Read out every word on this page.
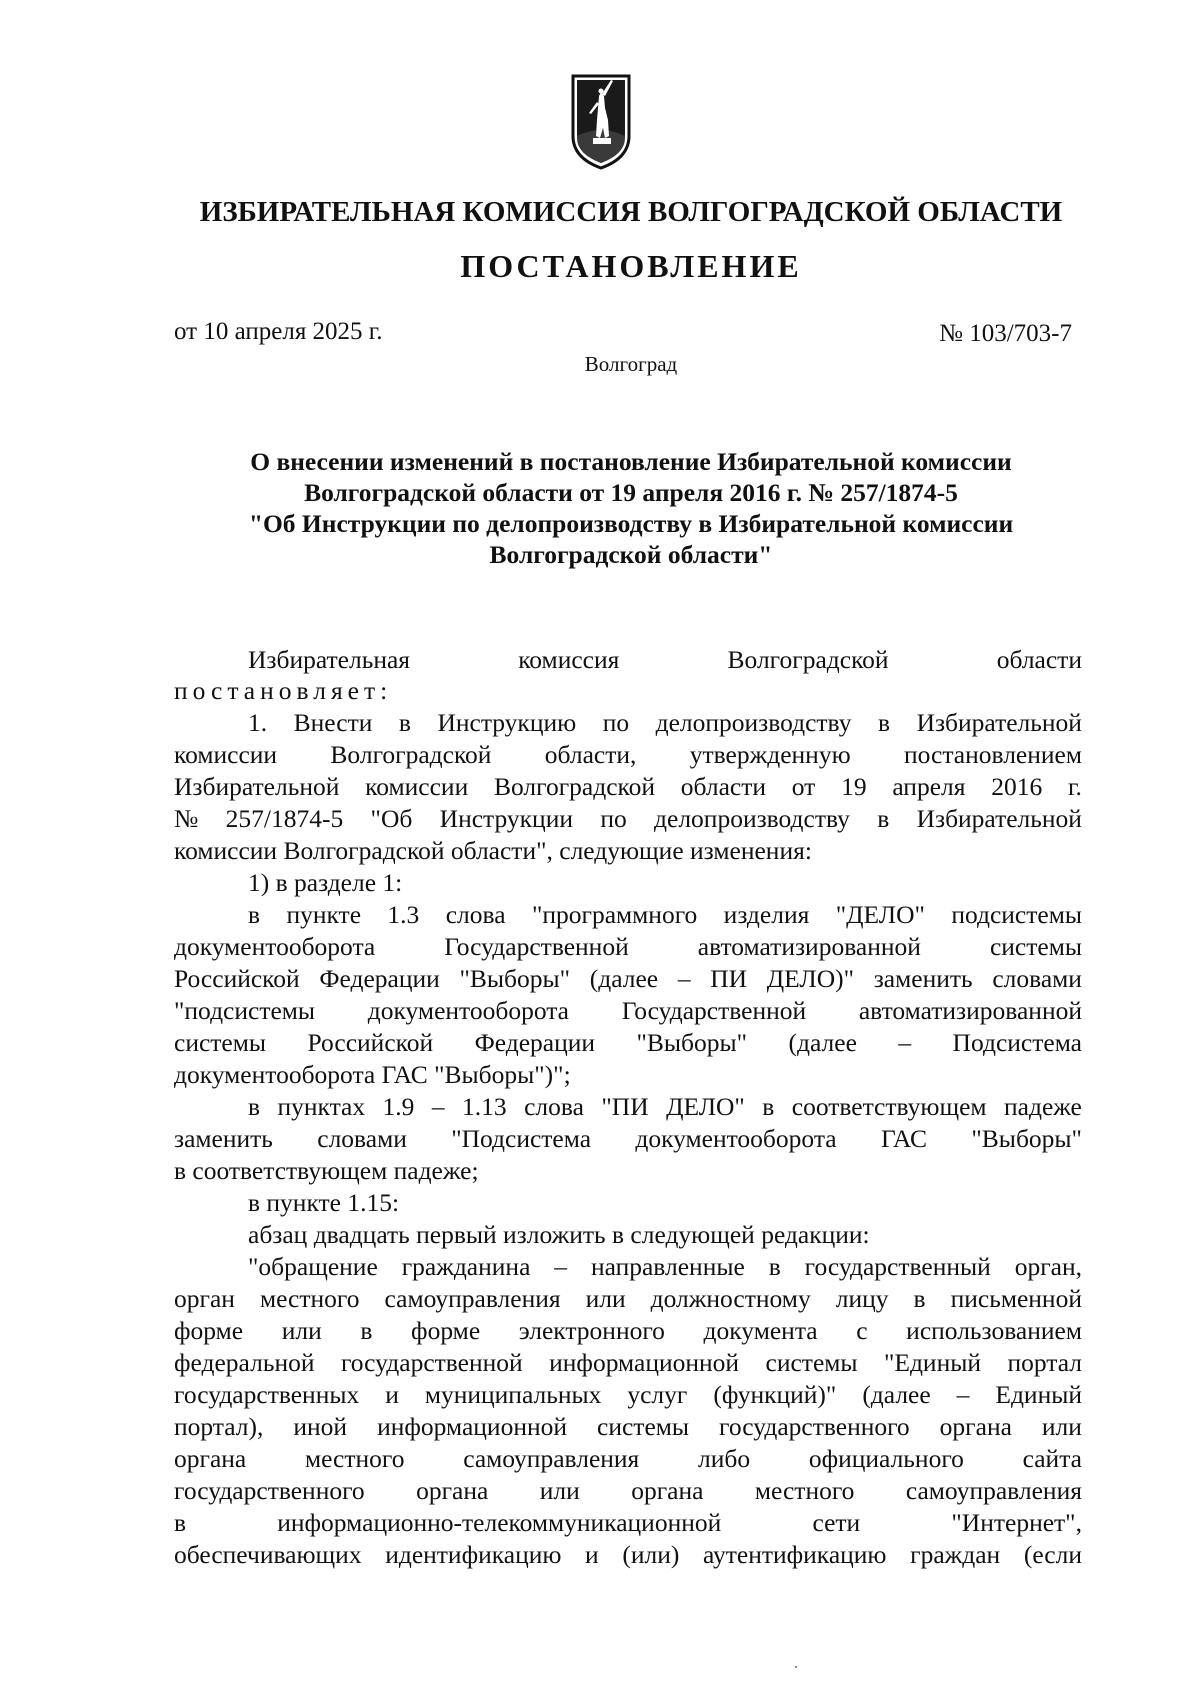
ИЗБИРАТЕЛЬНАЯ КОМИССИЯ ВОЛГОГРАДСКОЙ ОБЛАСТИ
ПОСТАНОВЛЕНИЕ
от 10 апреля 2025 г.	№ 103/703-7
Волгоград
О внесении изменений в постановление Избирательной комиссии
Волгоградской области от 19 апреля 2016 г. № 257/1874-5
"Об Инструкции по делопроизводству в Избирательной комиссии
Волгоградской области"
Избирательная	комиссия	Волгоградской	области
постановляет:
1. Внести в Инструкцию по делопроизводству в Избирательной
комиссии Волгоградской области, утвержденную постановлением
Избирательной комиссии Волгоградской области от 19 апреля 2016 г.
№ 257/1874-5 "Об Инструкции по делопроизводству в Избирательной
комиссии Волгоградской области", следующие изменения:
1) в разделе 1:
в пункте 1.3 слова "программного изделия "ДЕЛО" подсистемы
документооборота	Государственной	автоматизированной	системы
Российской Федерации "Выборы" (далее – ПИ ДЕЛО)" заменить словами
"подсистемы документооборота Государственной автоматизированной
системы Российской Федерации "Выборы" (далее – Подсистема
документооборота ГАС "Выборы")";
в пунктах 1.9 – 1.13 слова "ПИ ДЕЛО" в соответствующем падеже
заменить словами "Подсистема документооборота ГАС "Выборы"
в соответствующем падеже;
в пункте 1.15:
абзац двадцать первый изложить в следующей редакции:
"обращение гражданина – направленные в государственный орган,
орган местного самоуправления или должностному лицу в письменной
форме или в форме электронного документа с использованием
федеральной государственной информационной системы "Единый портал
государственных и муниципальных услуг (функций)" (далее – Единый
портал), иной информационной системы государственного органа или
органа местного самоуправления либо официального сайта
государственного органа или органа местного самоуправления
в	информационно-телекоммуникационной	сети	"Интернет",
обеспечивающих идентификацию и (или) аутентификацию граждан (если
